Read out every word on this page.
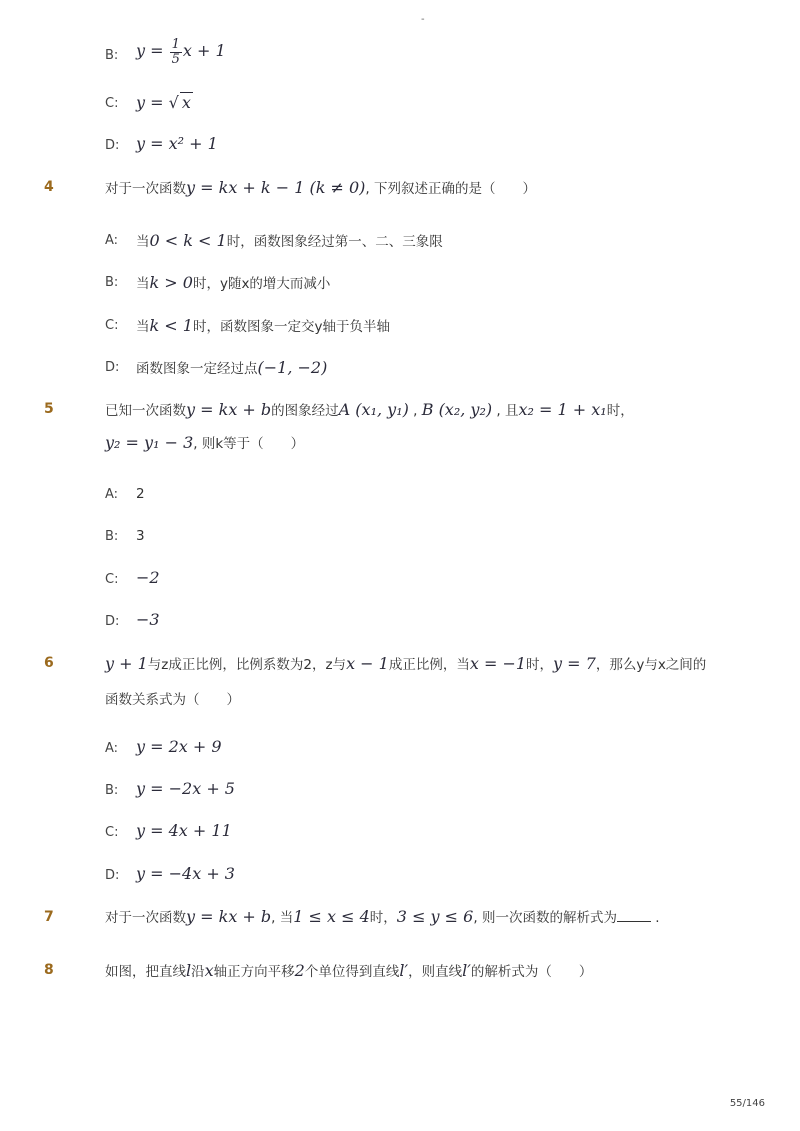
-
B: $y = \frac{1}{5}$ x + 1
C: y = √ x
D: y = x² + 1
4	对于一次函数y = kx + k − 1 (k ≠ 0), 下列叙述正确的是（　　）
A: 当0 < k < 1时，函数图象经过第一、二、三象限
B: 当k > 0时，y随x的增大而减小
C: 当k < 1时，函数图象一定交y轴于负半轴
D: 函数图象一定经过点(−1, −2)
5	已知一次函数y = kx + b的图象经过A (x₁, y₁) , B (x₂, y₂) , 且x₂ = 1 + x₁时，
y₂ = y₁ − 3, 则k等于（　　）
A: 2
B: 3
C: −2
D: −3
6	y + 1与z成正比例，比例系数为2，z与x − 1成正比例，当x = −1时，y = 7，那么y与x之间的
函数关系式为（　　）
A: y = 2x + 9
B: y = −2x + 5
C: y = 4x + 11
D: y = −4x + 3
7	对于一次函数y = kx + b, 当1 ≤ x ≤ 4时，3 ≤ y ≤ 6, 则一次函数的解析式为	.
8	如图，把直线l沿x轴正方向平移2个单位得到直线l′，则直线l′的解析式为（　　）
55/146
